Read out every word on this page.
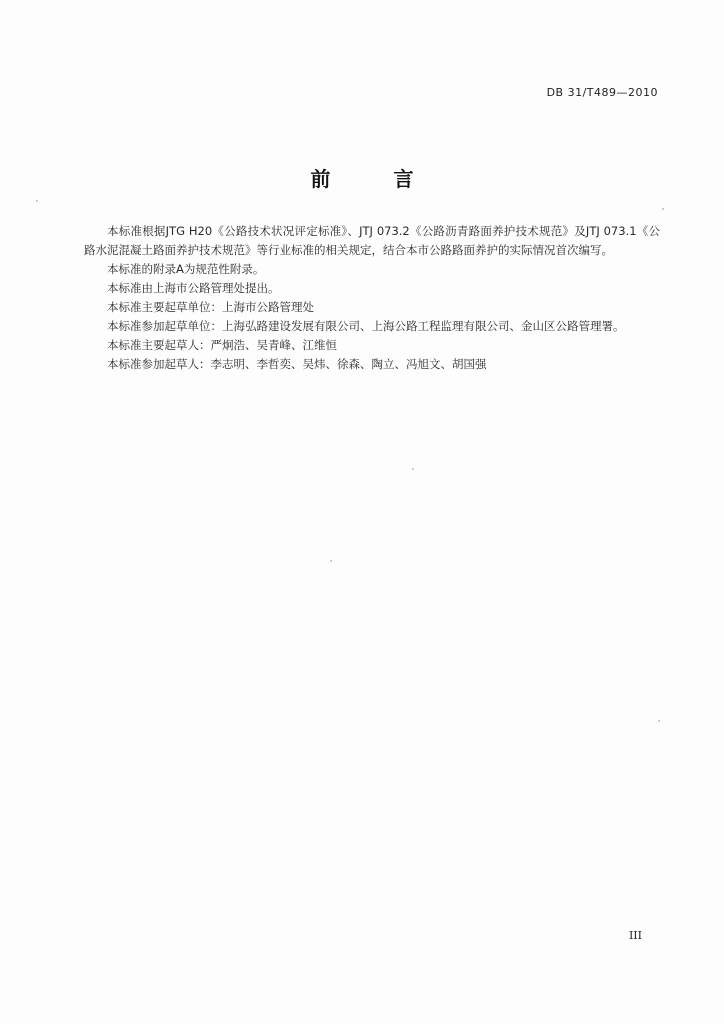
DB 31/T489—2010
前 言

本标准根据JTG H20《公路技术状况评定标准》、JTJ 073.2《公路沥青路面养护技术规范》及JTJ 073.1《公路水泥混凝土路面养护技术规范》等行业标准的相关规定，结合本市公路路面养护的实际情况首次编写。

本标准的附录A为规范性附录。

本标准由上海市公路管理处提出。

本标准主要起草单位：上海市公路管理处

本标准参加起草单位：上海弘路建设发展有限公司、上海公路工程监理有限公司、金山区公路管理署。

本标准主要起草人：严炯浩、吴青峰、江维恒

本标准参加起草人：李志明、李哲奕、吴炜、徐森、陶立、冯旭文、胡国强

III
